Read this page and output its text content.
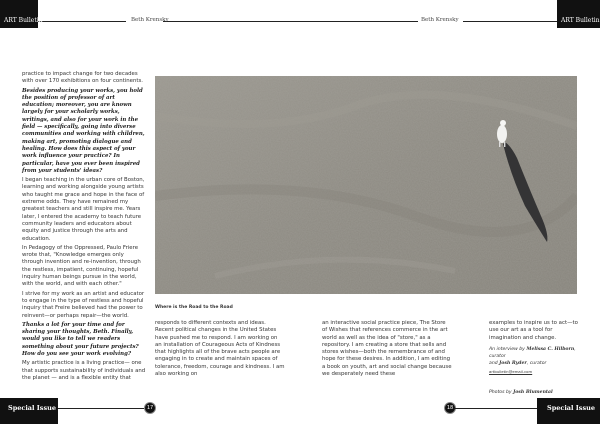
ART Bulletin	Beth Krensky	Beth Krensky	ART Bulletin

practice to impact change for two decades with over 170 exhibitions on four continents.

Besides producing your works, you hold the position of professor of art education; moreover, you are known largely for your scholarly works, writings, and also for your work in the field — specifically, going into diverse communities and working with children, making art, promoting dialogue and healing. How does this aspect of your work influence your practice? In particular, have you ever been inspired from your students' ideas?

I began teaching in the urban core of Boston, learning and working alongside young artists who taught me grace and hope in the face of extreme odds. They have remained my greatest teachers and still inspire me. Years later, I entered the academy to teach future community leaders and educators about equity and justice through the arts and education.

In Pedagogy of the Oppressed, Paulo Friere wrote that, "Knowledge emerges only through invention and re-invention, through the restless, impatient, continuing, hopeful inquiry human beings pursue in the world, with the world, and with each other."

I strive for my work as an artist and educator to engage in the type of restless and hopeful inquiry that Freire believed had the power to reinvent—or perhaps repair—the world.

Thanks a lot for your time and for sharing your thoughts, Beth. Finally, would you like to tell we readers something about your future projects? How do you see your work evolving?

My artistic practice is a living practice— one that supports sustainability of individuals and the planet — and is a flexible entity that

Where is the Road to the Road

responds to different contexts and ideas. Recent political changes in the United States have pushed me to respond. I am working on an installation of Courageous Acts of Kindness that highlights all of the brave acts people are engaging in to create and maintain spaces of tolerance, freedom, courage and kindness. I am also working on

an interactive social practice piece, The Store of Wishes that references commerce in the art world as well as the idea of "store," as a repository. I am creating a store that sells and stores wishes—both the remembrance of and hope for these desires. In addition, I am editing a book on youth, art and social change because we desperately need these

examples to inspire us to act—to use our art as a tool for imagination and change.

An interview by Melissa C. Hilborn, curator
and Josh Ryder, curator
artbulletin@email.com
Photos by Josh Blumental
17	18
Special Issue	Special Issue
